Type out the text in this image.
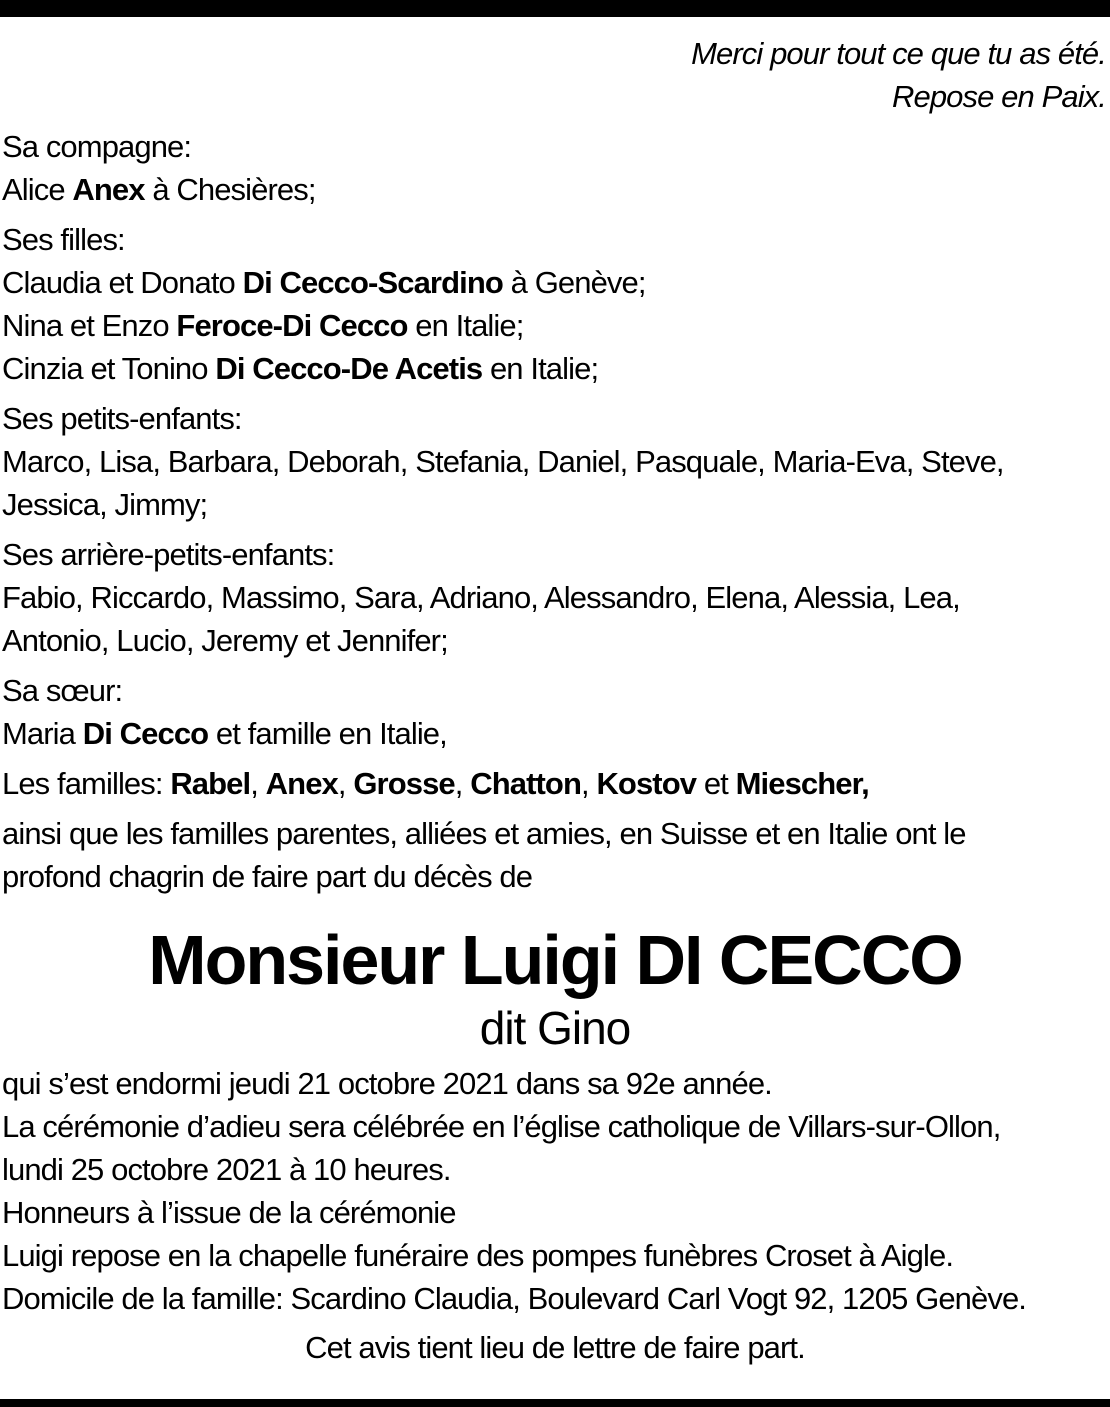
Merci pour tout ce que tu as été.
Repose en Paix.
Sa compagne:
Alice Anex à Chesières;
Ses filles:
Claudia et Donato Di Cecco-Scardino à Genève;
Nina et Enzo Feroce-Di Cecco en Italie;
Cinzia et Tonino Di Cecco-De Acetis en Italie;
Ses petits-enfants:
Marco, Lisa, Barbara, Deborah, Stefania, Daniel, Pasquale, Maria-Eva, Steve,
Jessica, Jimmy;
Ses arrière-petits-enfants:
Fabio, Riccardo, Massimo, Sara, Adriano, Alessandro, Elena, Alessia, Lea,
Antonio, Lucio, Jeremy et Jennifer;
Sa sœur:
Maria Di Cecco et famille en Italie,
Les familles: Rabel, Anex, Grosse, Chatton, Kostov et Miescher,
ainsi que les familles parentes, alliées et amies, en Suisse et en Italie ont le
profond chagrin de faire part du décès de
Monsieur Luigi DI CECCO
dit Gino
qui s’est endormi jeudi 21 octobre 2021 dans sa 92e année.
La cérémonie d’adieu sera célébrée en l’église catholique de Villars-sur-Ollon,
lundi 25 octobre 2021 à 10 heures.
Honneurs à l’issue de la cérémonie
Luigi repose en la chapelle funéraire des pompes funèbres Croset à Aigle.
Domicile de la famille: Scardino Claudia, Boulevard Carl Vogt 92, 1205 Genève.
Cet avis tient lieu de lettre de faire part.
